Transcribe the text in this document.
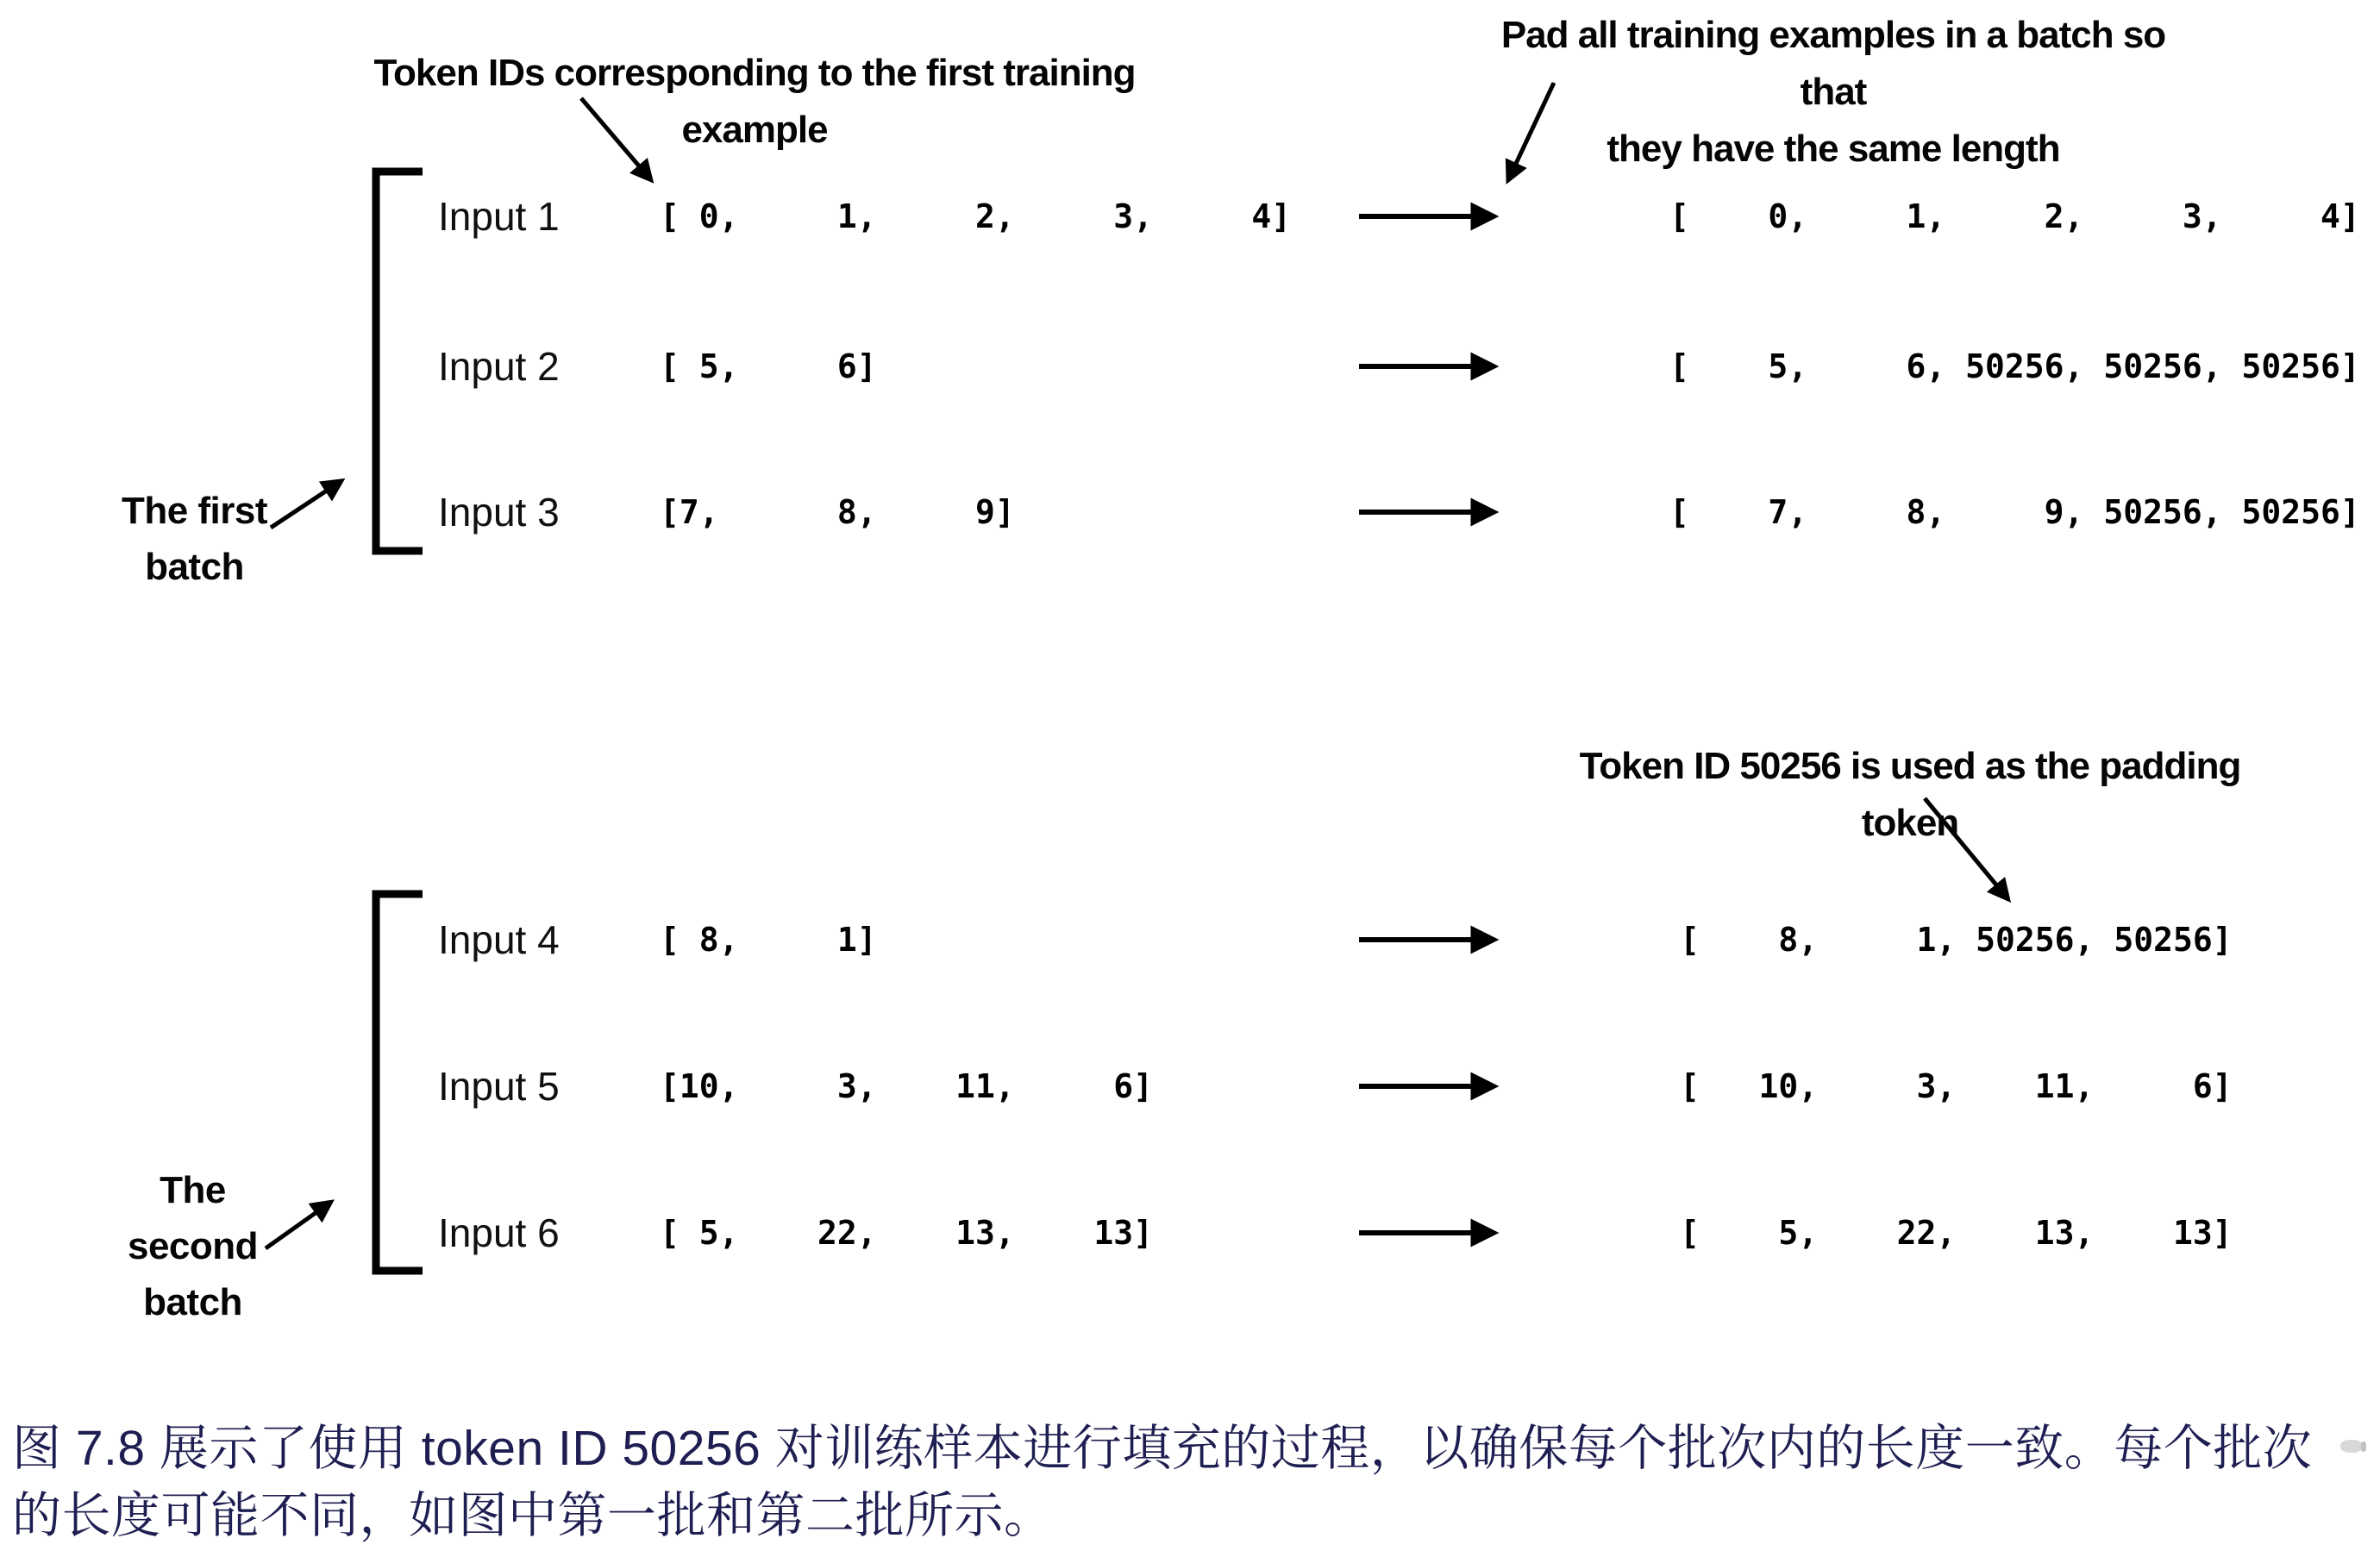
Token IDs corresponding to the first training example
Pad all training examples in a batch so that
they have the same length
Token ID 50256 is used as the padding token
The first
batch
The
second
batch
Input 1	[ 0,     1,     2,     3,     4]	[    0,     1,     2,     3,     4]
Input 2	[ 5,     6]	[    5,     6, 50256, 50256, 50256]
Input 3	[7,      8,     9]	[    7,     8,     9, 50256, 50256]
Input 4	[ 8,     1]	[    8,     1, 50256, 50256]
Input 5	[10,     3,    11,     6]	[   10,     3,    11,     6]
Input 6	[ 5,    22,    13,    13]	[    5,    22,    13,    13]
图 7.8 展示了使用 token ID 50256 对训练样本进行填充的过程，以确保每个批次内的长度一致。每个批次
的长度可能不同，如图中第一批和第二批所示。
